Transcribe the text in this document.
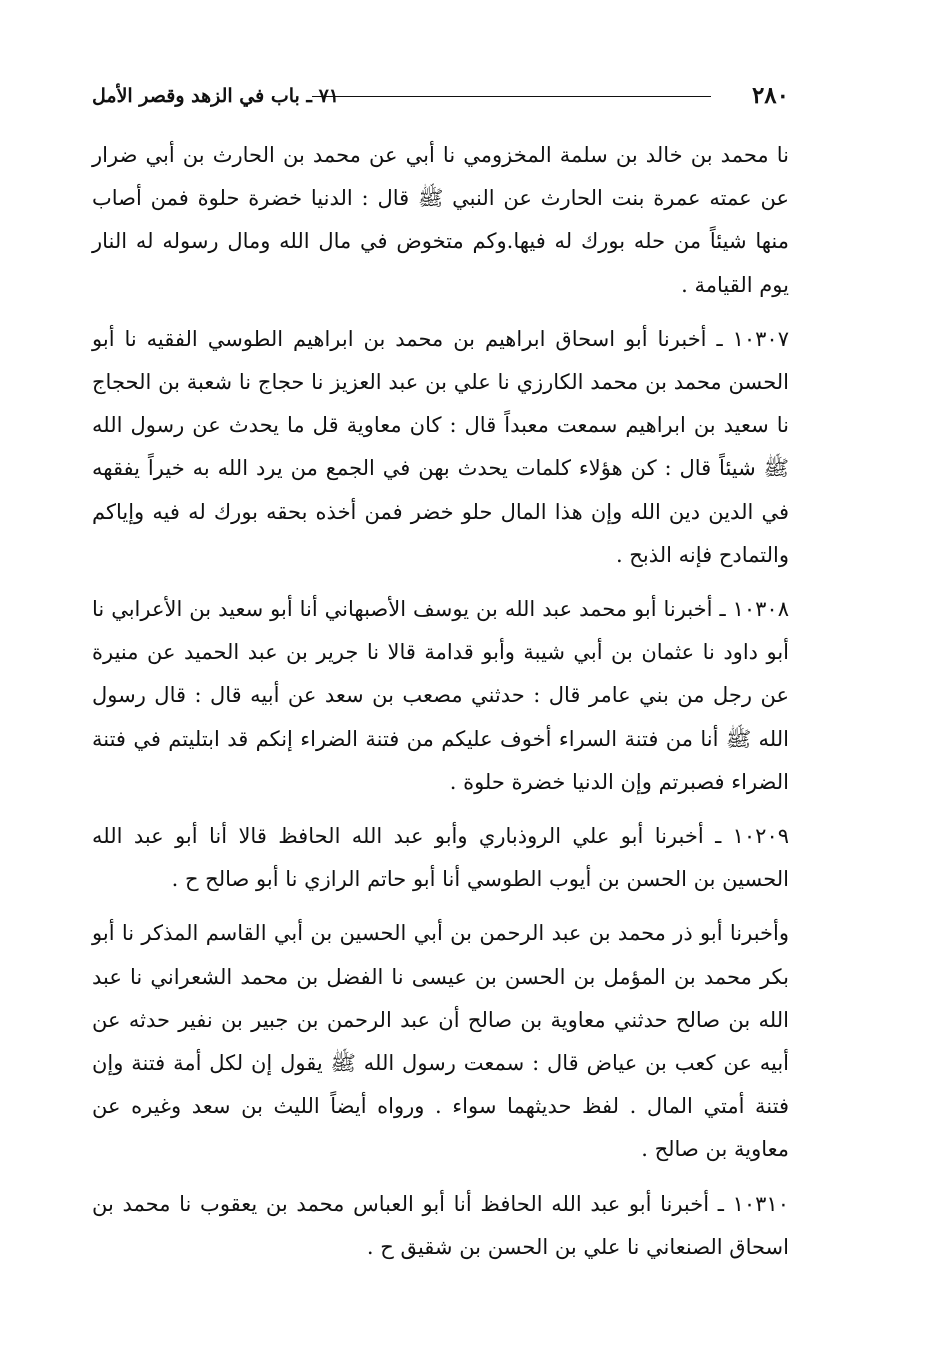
٢٨٠
٧١ ـ باب في الزهد وقصر الأمل

نا محمد بن خالد بن سلمة المخزومي نا أبي عن محمد بن الحارث بن أبي ضرار عن عمته عمرة بنت الحارث عن النبي ﷺ قال : الدنيا خضرة حلوة فمن أصاب منها شيئاً من حله بورك له فيها.وكم متخوض في مال الله ومال رسوله له النار يوم القيامة .

١٠٣٠٧ ـ أخبرنا أبو اسحاق ابراهيم بن محمد بن ابراهيم الطوسي الفقيه نا أبو الحسن محمد بن محمد الكارزي نا علي بن عبد العزيز نا حجاج نا شعبة بن الحجاج نا سعيد بن ابراهيم سمعت معبداً قال : كان معاوية قل ما يحدث عن رسول الله ﷺ شيئاً قال : كن هؤلاء كلمات يحدث بهن في الجمع من يرد الله به خيراً يفقهه في الدين دين الله وإن هذا المال حلو خضر فمن أخذه بحقه بورك له فيه وإياكم والتمادح فإنه الذبح .

١٠٣٠٨ ـ أخبرنا أبو محمد عبد الله بن يوسف الأصبهاني أنا أبو سعيد بن الأعرابي نا أبو داود نا عثمان بن أبي شيبة وأبو قدامة قالا نا جرير بن عبد الحميد عن منيرة عن رجل من بني عامر قال : حدثني مصعب بن سعد عن أبيه قال : قال رسول الله ﷺ أنا من فتنة السراء أخوف عليكم من فتنة الضراء إنكم قد ابتليتم في فتنة الضراء فصبرتم وإن الدنيا خضرة حلوة .

١٠٢٠٩ ـ أخبرنا أبو علي الروذباري وأبو عبد الله الحافظ قالا أنا أبو عبد الله الحسين بن الحسن بن أيوب الطوسي أنا أبو حاتم الرازي نا أبو صالح ح .

وأخبرنا أبو ذر محمد بن عبد الرحمن بن أبي الحسين بن أبي القاسم المذكر نا أبو بكر محمد بن المؤمل بن الحسن بن عيسى نا الفضل بن محمد الشعراني نا عبد الله بن صالح حدثني معاوية بن صالح أن عبد الرحمن بن جبير بن نفير حدثه عن أبيه عن كعب بن عياض قال : سمعت رسول الله ﷺ يقول إن لكل أمة فتنة وإن فتنة أمتي المال . لفظ حديثهما سواء . ورواه أيضاً الليث بن سعد وغيره عن معاوية بن صالح .

١٠٣١٠ ـ أخبرنا أبو عبد الله الحافظ أنا أبو العباس محمد بن يعقوب نا محمد بن اسحاق الصنعاني نا علي بن الحسن بن شقيق ح .
